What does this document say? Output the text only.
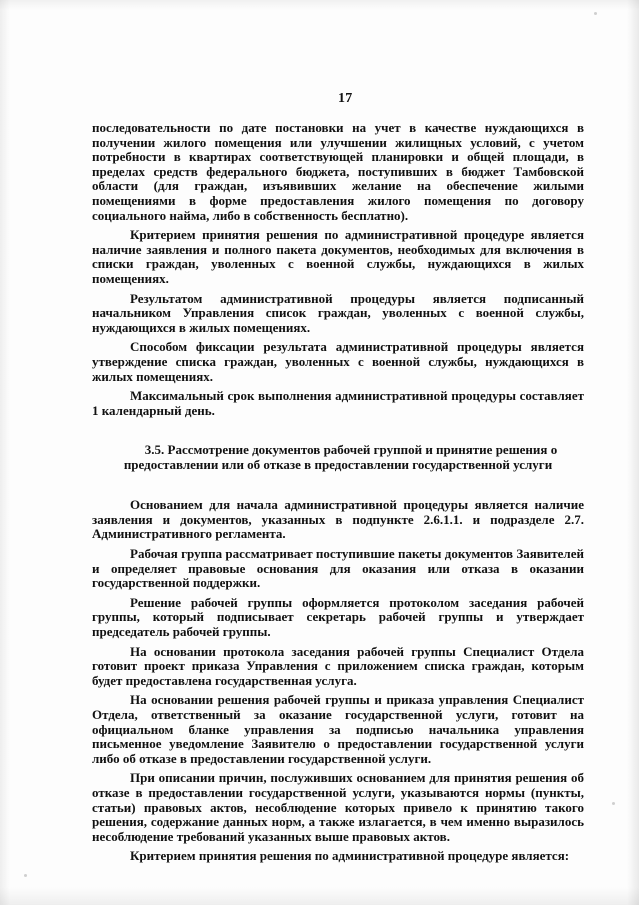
17

последовательности по дате постановки на учет в качестве нуждающихся в получении жилого помещения или улучшении жилищных условий, с учетом потребности в квартирах соответствующей планировки и общей площади, в пределах средств федерального бюджета, поступивших в бюджет Тамбовской области (для граждан, изъявивших желание на обеспечение жилыми помещениями в форме предоставления жилого помещения по договору социального найма, либо в собственность бесплатно).

Критерием принятия решения по административной процедуре является наличие заявления и полного пакета документов, необходимых для включения в списки граждан, уволенных с военной службы, нуждающихся в жилых помещениях.

Результатом административной процедуры является подписанный начальником Управления список граждан, уволенных с военной службы, нуждающихся в жилых помещениях.

Способом фиксации результата административной процедуры является утверждение списка граждан, уволенных с военной службы, нуждающихся в жилых помещениях.

Максимальный срок выполнения административной процедуры составляет 1 календарный день.

3.5. Рассмотрение документов рабочей группой и принятие решения о
предоставлении или об отказе в предоставлении государственной услуги

Основанием для начала административной процедуры является наличие заявления и документов, указанных в подпункте 2.6.1.1. и подразделе 2.7. Административного регламента.

Рабочая группа рассматривает поступившие пакеты документов Заявителей и определяет правовые основания для оказания или отказа в оказании государственной поддержки.

Решение рабочей группы оформляется протоколом заседания рабочей группы, который подписывает секретарь рабочей группы и утверждает председатель рабочей группы.

На основании протокола заседания рабочей группы Специалист Отдела готовит проект приказа Управления с приложением списка граждан, которым будет предоставлена государственная услуга.

На основании решения рабочей группы и приказа управления Специалист Отдела, ответственный за оказание государственной услуги, готовит на официальном бланке управления за подписью начальника управления письменное уведомление Заявителю о предоставлении государственной услуги либо об отказе в предоставлении государственной услуги.

При описании причин, послуживших основанием для принятия решения об отказе в предоставлении государственной услуги, указываются нормы (пункты, статьи) правовых актов, несоблюдение которых привело к принятию такого решения, содержание данных норм, а также излагается, в чем именно выразилось несоблюдение требований указанных выше правовых актов.

Критерием принятия решения по административной процедуре является:
